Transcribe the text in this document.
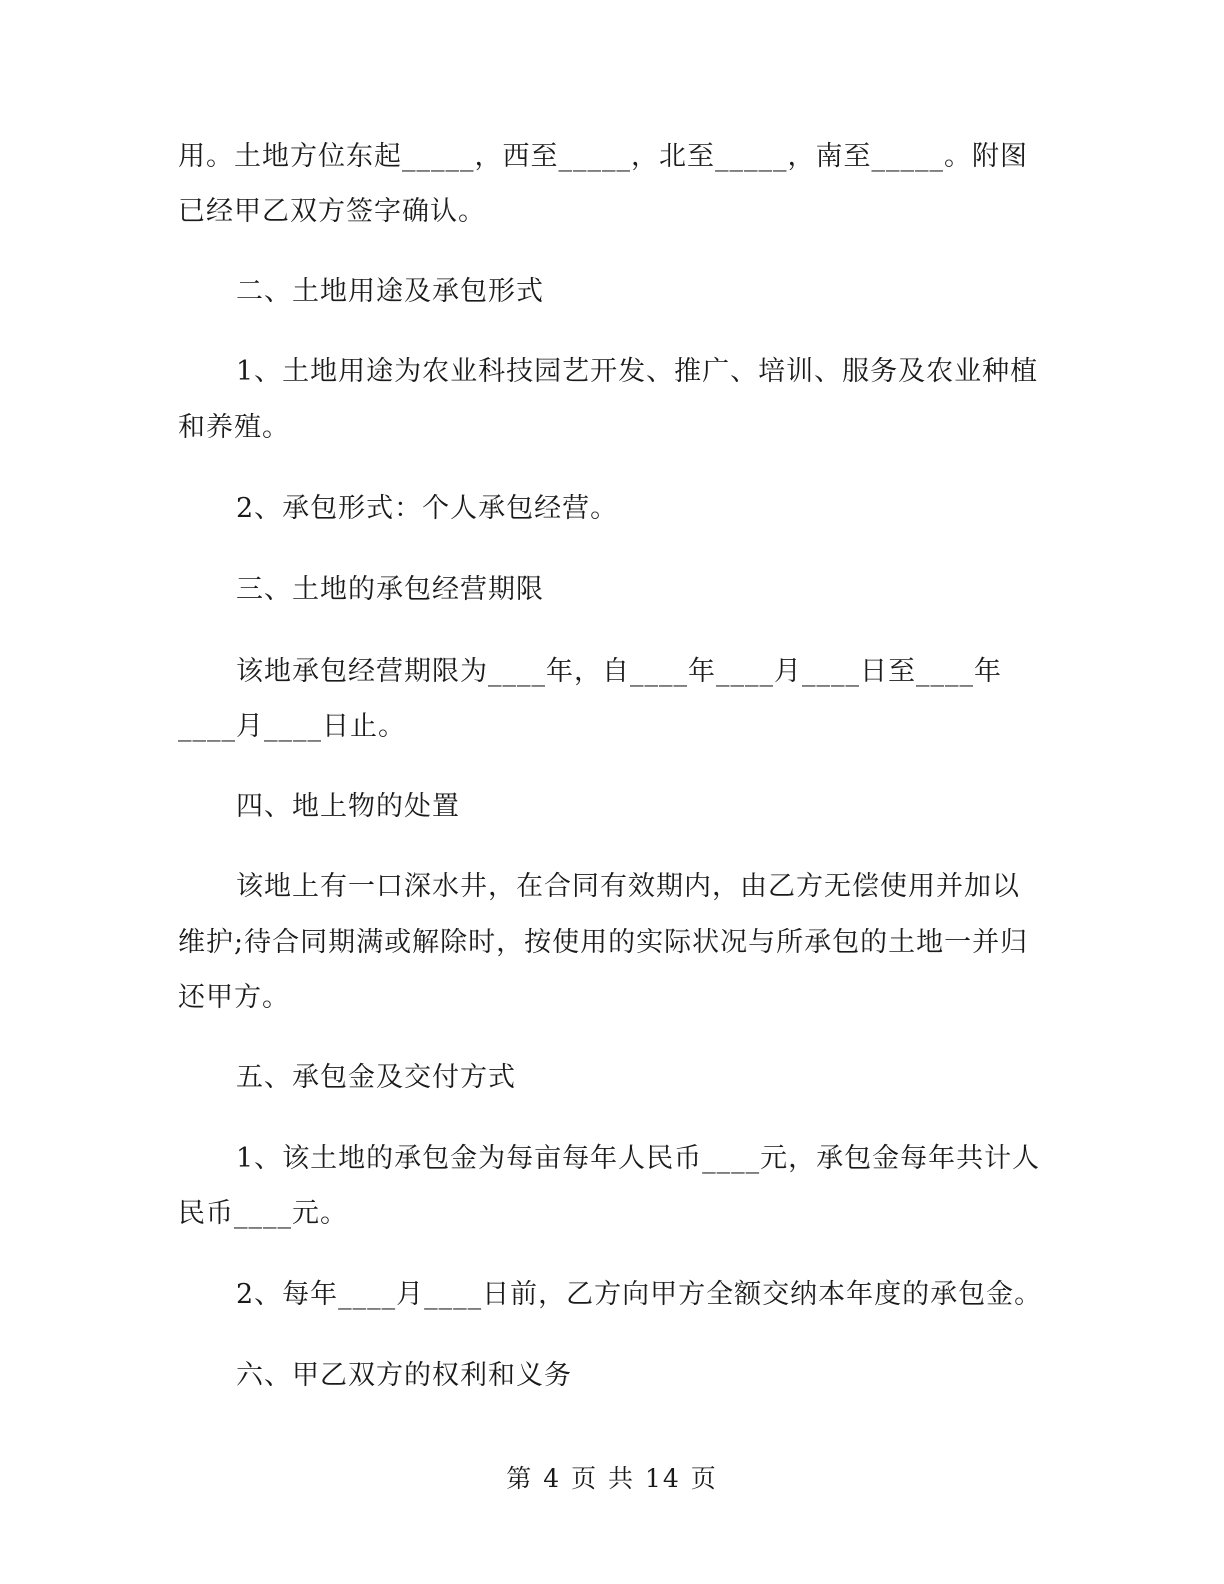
用。土地方位东起_____，西至_____，北至_____，南至_____。附图
已经甲乙双方签字确认。
二、土地用途及承包形式
1、土地用途为农业科技园艺开发、推广、培训、服务及农业种植
和养殖。
2、承包形式：个人承包经营。
三、土地的承包经营期限
该地承包经营期限为____年，自____年____月____日至____年
____月____日止。
四、地上物的处置
该地上有一口深水井，在合同有效期内，由乙方无偿使用并加以
维护;待合同期满或解除时，按使用的实际状况与所承包的土地一并归
还甲方。
五、承包金及交付方式
1、该土地的承包金为每亩每年人民币____元，承包金每年共计人
民币____元。
2、每年____月____日前，乙方向甲方全额交纳本年度的承包金。
六、甲乙双方的权利和义务
第 4 页 共 14 页
